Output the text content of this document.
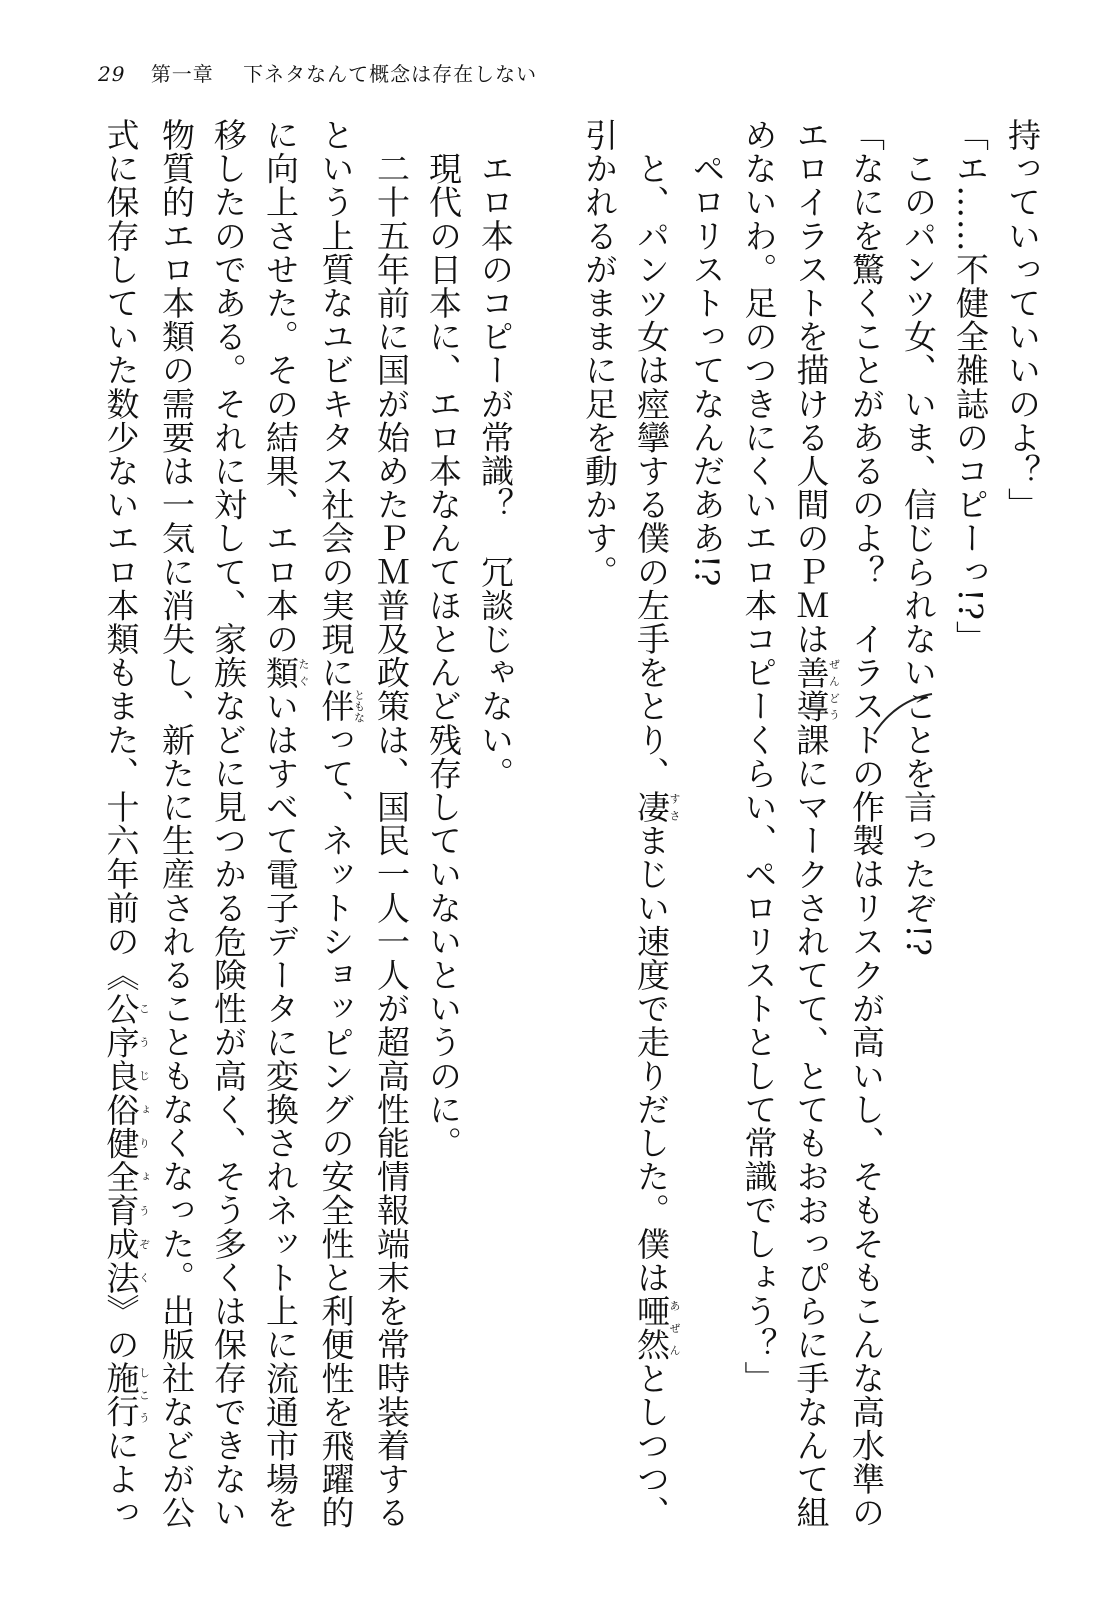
29 第一章 下ネタなんて概念は存在しない
持っていっていいのよ？」
「エ……不健全雑誌のコピーっ!?」
　このパンツ女、いま、信じられないことを言ったぞ!?
「なにを驚くことがあるのよ？　イラストの作製はリスクが高いし、そもそもこんな高水準の
エロイラストを描ける人間のＰＭは善導ぜんどう課にマークされてて、とてもおおっぴらに手なんて組
めないわ。足のつきにくいエロ本コピーくらい、ペロリストとして常識でしょう？」
　ペロリストってなんだああ!?
　と、パンツ女は痙攣する僕の左手をとり、凄すさまじい速度で走りだした。僕は唖然あぜんとしつつ、
引かれるがままに足を動かす。
　エロ本のコピーが常識？　冗談じゃない。
　現代の日本に、エロ本なんてほとんど残存していないというのに。
　二十五年前に国が始めたＰＭ普及政策は、国民一人一人が超高性能情報端末を常時装着する
という上質なユビキタス社会の実現に伴ともなって、ネットショッピングの安全性と利便性を飛躍的
に向上させた。その結果、エロ本の類たぐいはすべて電子データに変換されネット上に流通市場を
移したのである。それに対して、家族などに見つかる危険性が高く、そう多くは保存できない
物質的エロ本類の需要は一気に消失し、新たに生産されることもなくなった。出版社などが公
式に保存していた数少ないエロ本類もまた、十六年前の《公序良俗健全育成法こうじょりょうぞく》の施行しこうによっ
